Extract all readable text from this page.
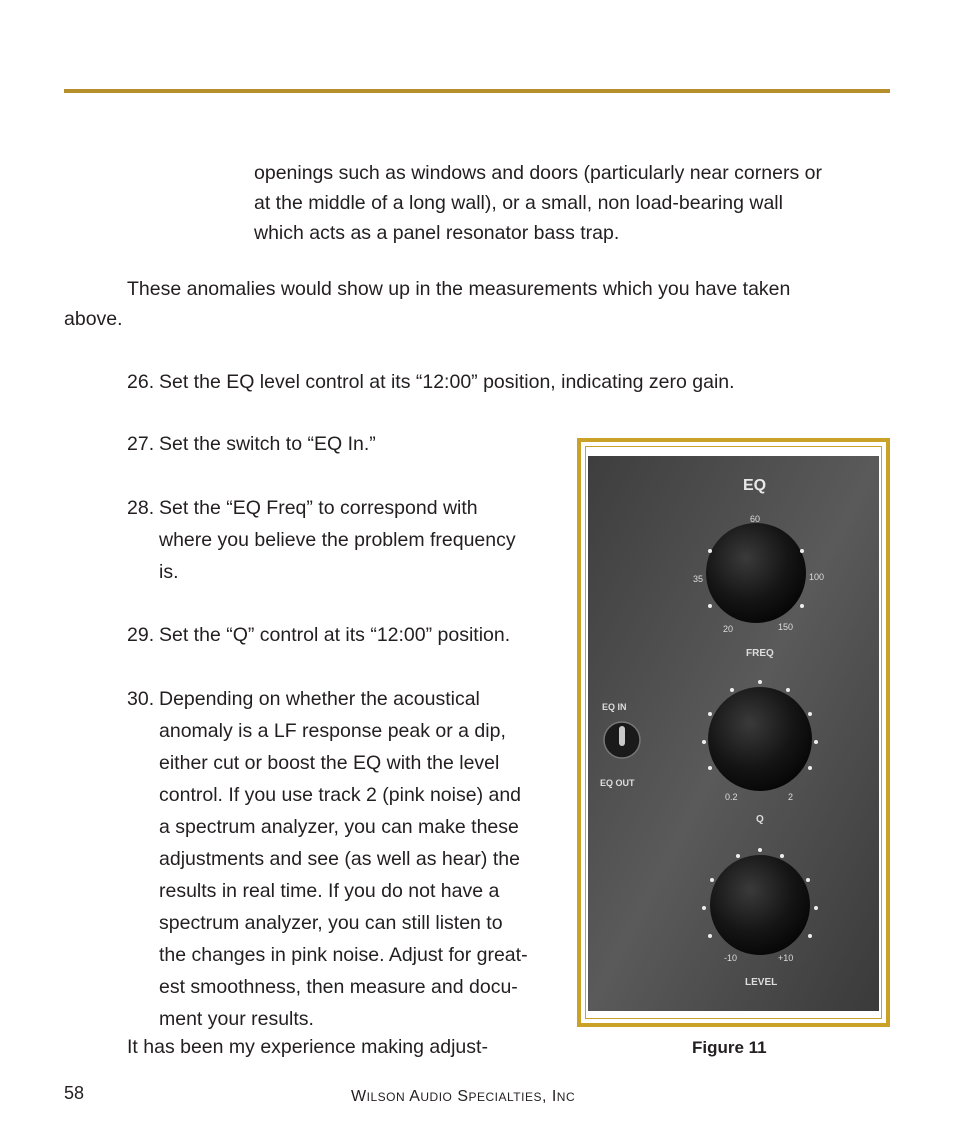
openings such as windows and doors (particularly near corners or
at the middle of a long wall), or a small, non load-bearing wall
which acts as a panel resonator bass trap.

These anomalies would show up in the measurements which you have taken

above.

26. Set the EQ level control at its “12:00” position, indicating zero gain.
27. Set the switch to “EQ In.”
28. Set the “EQ Freq” to correspond with
where you believe the problem frequency
is.
29. Set the “Q” control at its “12:00” position.
30. Depending on whether the acoustical
anomaly is a LF response peak or a dip,
either cut or boost the EQ with the level
control. If you use track 2 (pink noise) and
a spectrum analyzer, you can make these
adjustments and see (as well as hear) the
results in real time. If you do not have a
spectrum analyzer, you can still listen to
the changes in pink noise. Adjust for great-
est smoothness, then measure and docu-
ment your results.

It has been my experience making adjust-

EQ
60
35	100
20	150
FREQ
0.2	2
Q
-10	+10
LEVEL
EQ IN
EQ OUT
Figure 11
58	WILSON AUDIO SPECIALTIES, INC
